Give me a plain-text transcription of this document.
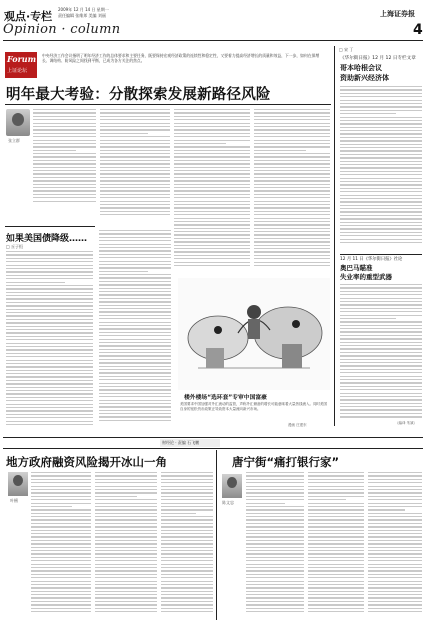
观点·专栏
Opinion · column
2009年 12 月 14 日 星期一
责任编辑 张维邦 美编 刘丽	上海证券报
4
Forum
上证论坛
中央经济工作会议指明了明年经济工作的总体要求和主要任务，既要保持宏观经济政策的连续性和稳定性，又要着力提高经济增长的质量和效益，下一步，如何在保增长、调结构、防风险之间找到平衡，已成为各方关注的焦点。
明年最大考验：分散探索发展新路径风险
张立群
如果美国债降级……
□ 丘子恒
楼外楼场“选环套”专审中国富豪
美国要求中国加强对外汇流动的监管，声称外汇储备的增长可能意味着大量热钱流入。同时美国自身的宽松货币政策正导致资本大量流向新兴市场。
漫画 庄建东
□ 宋 丁
《华尔街日报》12 月 12 日专栏文章
哥本哈根会议
资助新兴经济体
12 月 11 日《华尔街日报》社论
奥巴马瞄准
失业率的重型武器
（编译 朱斌）
财经论 · 责编 石飞鹏
地方政府融资风险揭开冰山一角
叶檀
唐宁街“痛打银行家”
陈文忠
